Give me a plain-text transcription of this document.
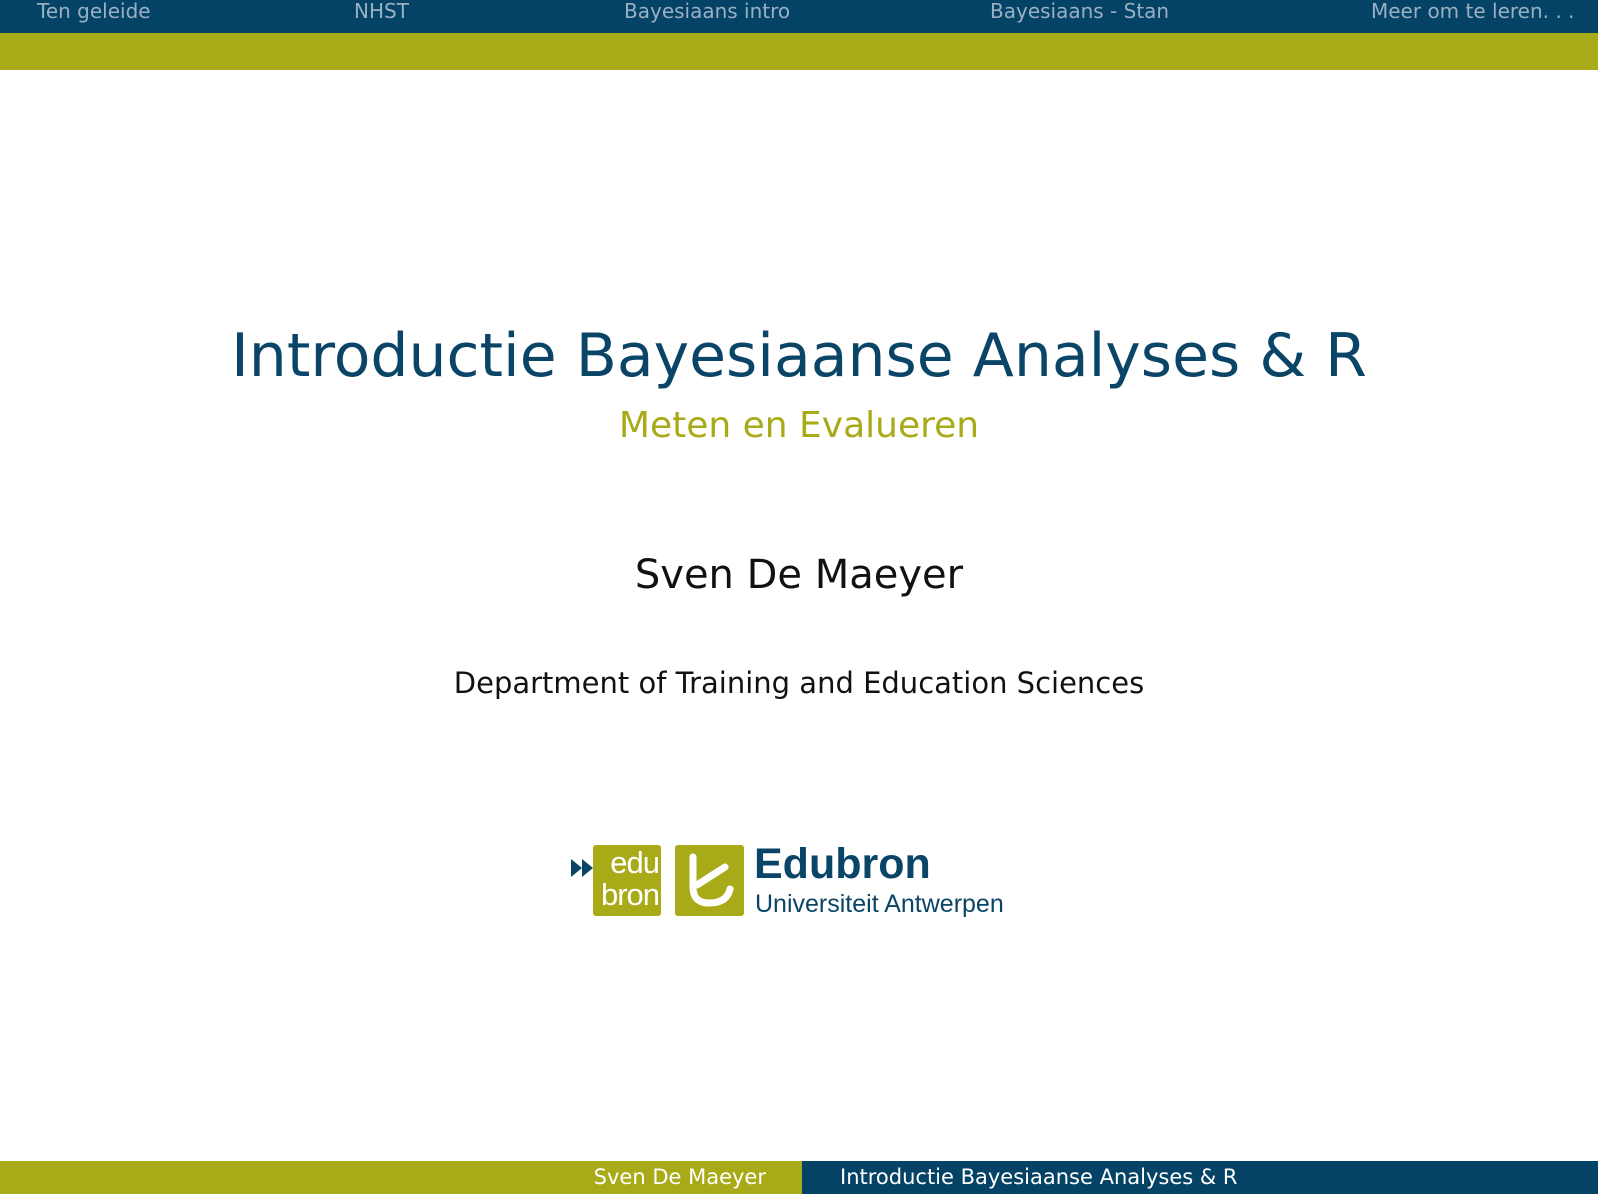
Ten geleide	NHST	Bayesiaans intro	Bayesiaans - Stan	Meer om te leren. . .
Introductie Bayesiaanse Analyses & R
Meten en Evalueren
Sven De Maeyer
Department of Training and Education Sciences
edu
bron
Edubron
Universiteit Antwerpen
Sven De Maeyer	Introductie Bayesiaanse Analyses & R
